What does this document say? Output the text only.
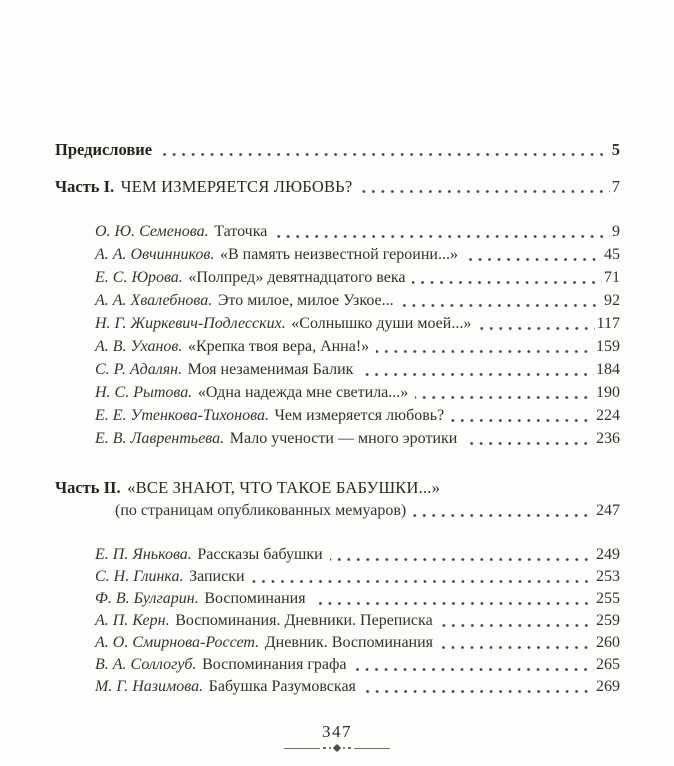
Предисловие	5
Часть I. ЧЕМ ИЗМЕРЯЕТСЯ ЛЮБОВЬ?	7
О. Ю. Семенова. Таточка	9
А. А. Овчинников. «В память неизвестной героини...»	45
Е. С. Юрова. «Полпред» девятнадцатого века	71
А. А. Хвалебнова. Это милое, милое Узкое...	92
Н. Г. Жиркевич-Подлесских. «Солнышко души моей...»	117
А. В. Уханов. «Крепка твоя вера, Анна!»	159
С. Р. Адалян. Моя незаменимая Балик	184
Н. С. Рытова. «Одна надежда мне светила...»	190
Е. Е. Утенкова-Тихонова. Чем измеряется любовь?	224
Е. В. Лаврентьева. Мало учености — много эротики	236
Часть II. «ВСЕ ЗНАЮТ, ЧТО ТАКОЕ БАБУШКИ...»
(по страницам опубликованных мемуаров)	247
Е. П. Янькова. Рассказы бабушки	249
С. Н. Глинка. Записки	253
Ф. В. Булгарин. Воспоминания	255
А. П. Керн. Воспоминания. Дневники. Переписка	259
А. О. Смирнова-Россет. Дневник. Воспоминания	260
В. А. Соллогуб. Воспоминания графа	265
М. Г. Назимова. Бабушка Разумовская	269
347
